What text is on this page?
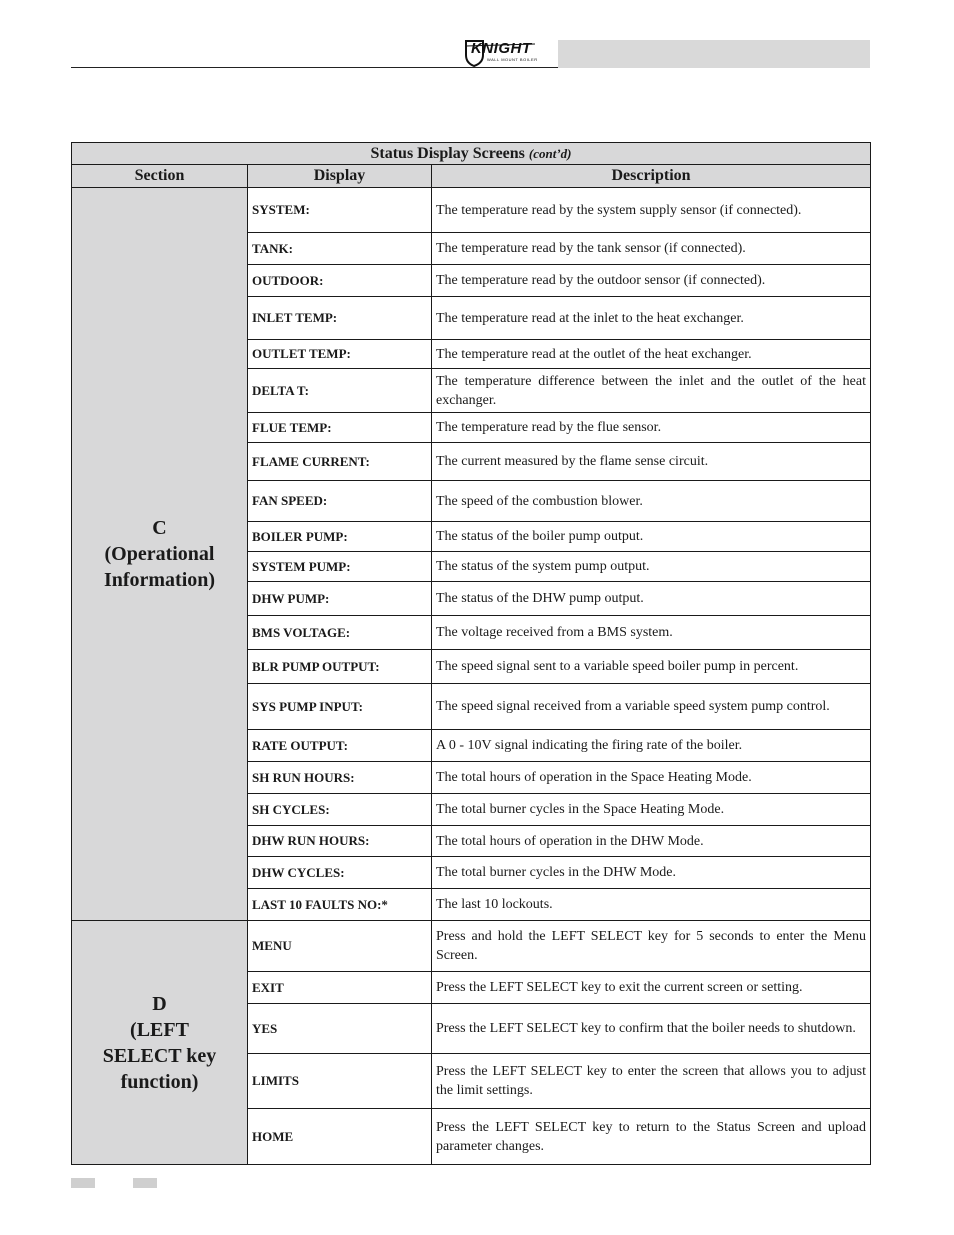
KNIGHT
WALL MOUNT BOILER
Status Display Screens (cont’d)		
Section	Display	Description

C
(Operational Information)	SYSTEM:	The temperature read by the system supply sensor (if connected).
	TANK:	The temperature read by the tank sensor (if connected).
	OUTDOOR:	The temperature read by the outdoor sensor (if connected).
	INLET TEMP:	The temperature read at the inlet to the heat exchanger.
	OUTLET TEMP:	The temperature read at the outlet of the heat exchanger.
	DELTA T:	The temperature difference between the inlet and the outlet of the heat exchanger.
	FLUE TEMP:	The temperature read by the flue sensor.
	FLAME CURRENT:	The current measured by the flame sense circuit.
	FAN SPEED:	The speed of the combustion blower.
	BOILER PUMP:	The status of the boiler pump output.
	SYSTEM PUMP:	The status of the system pump output.
	DHW PUMP:	The status of the DHW pump output.
	BMS VOLTAGE:	The voltage received from a BMS system.
	BLR PUMP OUTPUT:	The speed signal sent to a variable speed boiler pump in percent.
	SYS PUMP INPUT:	The speed signal received from a variable speed system pump control.
	RATE OUTPUT:	A 0 - 10V signal indicating the firing rate of the boiler.
	SH RUN HOURS:	The total hours of operation in the Space Heating Mode.
	SH CYCLES:	The total burner cycles in the Space Heating Mode.
	DHW RUN HOURS:	The total hours of operation in the DHW Mode.
	DHW CYCLES:	The total burner cycles in the DHW Mode.
	LAST 10 FAULTS NO:*	The last 10 lockouts.

D
(LEFT SELECT key function)	MENU	Press and hold the LEFT SELECT key for 5 seconds to enter the Menu Screen.
	EXIT	Press the LEFT SELECT key to exit the current screen or setting.
	YES	Press the LEFT SELECT key to confirm that the boiler needs to shutdown.
	LIMITS	Press the LEFT SELECT key to enter the screen that allows you to adjust the limit settings.
	HOME	Press the LEFT SELECT key to return to the Status Screen and upload parameter changes.
